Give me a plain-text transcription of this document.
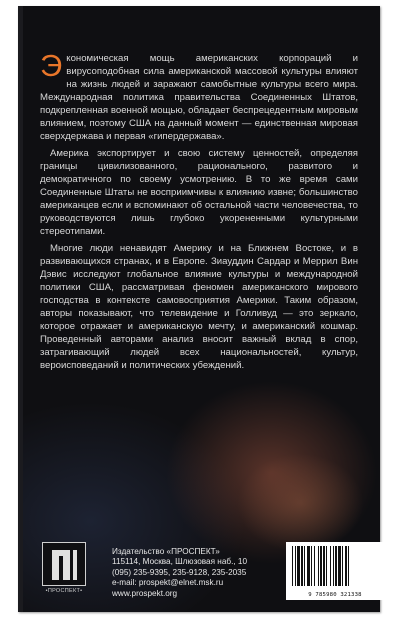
Экономическая мощь американских корпораций и вирусоподобная сила американской массовой культуры влияют на жизнь людей и заражают самобытные культуры всего мира. Международная политика правительства Соединенных Штатов, подкрепленная военной мощью, обладает беспрецедентным мировым влиянием, поэтому США на данный момент — единственная мировая сверхдержава и первая «гипердержава».

Америка экспортирует и свою систему ценностей, определяя границы цивилизованного, рационального, развитого и демократичного по своему усмотрению. В то же время сами Соединенные Штаты не восприимчивы к влиянию извне; большинство американцев если и вспоминают об остальной части человечества, то руководствуются лишь глубоко укорененными культурными стереотипами.

Многие люди ненавидят Америку и на Ближнем Востоке, и в развивающихся странах, и в Европе. Зиауддин Сардар и Меррил Вин Дэвис исследуют глобальное влияние культуры и международной политики США, рассматривая феномен американского мирового господства в контексте самовосприятия Америки. Таким образом, авторы показывают, что телевидение и Голливуд — это зеркало, которое отражает и американскую мечту, и американский кошмар. Проведенный авторами анализ вносит важный вклад в спор, затрагивающий людей всех национальностей, культур, вероисповеданий и политических убеждений.

•ПРОСПЕКТ•
Издательство «ПРОСПЕКТ»
115114, Москва, Шлюзовая наб., 10
(095) 235-9395, 235-9128, 235-2035
e-mail: prospekt@elnet.msk.ru
www.prospekt.org	9 785980 321338
